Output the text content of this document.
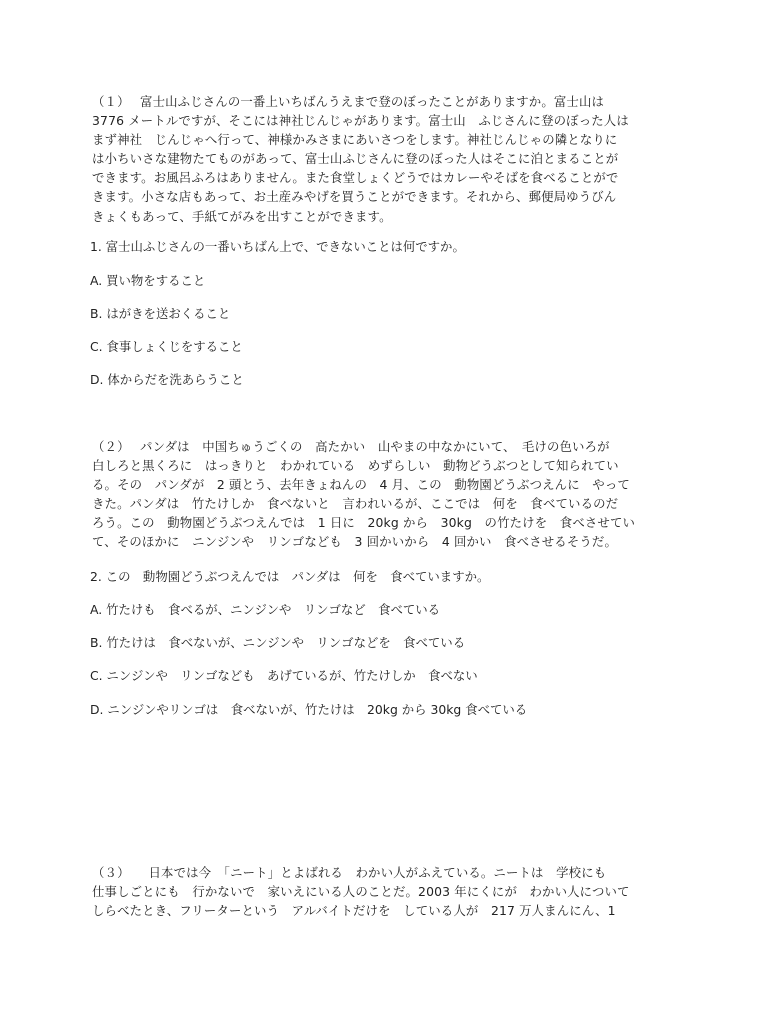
（１）　 富士山ふじさんの一番上いちばんうえまで登のぼったことがありますか。富士山は
3776 メートルですが、そこには神社じんじゃがあります。富士山　ふじさんに登のぼった人は
まず神社　じんじゃへ行って、神様かみさまにあいさつをします。神社じんじゃの隣となりに
は小ちいさな建物たてものがあって、富士山ふじさんに登のぼった人はそこに泊とまることが
できます。お風呂ふろはありません。また食堂しょくどうではカレーやそばを食べることがで
きます。小さな店もあって、お土産みやげを買うことができます。それから、郵便局ゆうびん
きょくもあって、手紙てがみを出すことができます。

1. 富士山ふじさんの一番いちばん上で、できないことは何ですか。

A. 買い物をすること

B. はがきを送おくること

C. 食事しょくじをすること

D. 体からだを洗あらうこと

（２）　 パンダは　中国ちゅうごくの　高たかい　山やまの中なかにいて、　毛けの色いろが
白しろと黒くろに　はっきりと　わかれている　めずらしい　動物どうぶつとして知られてい
る。その　パンダが　2 頭とう、去年きょねんの　4 月、この　動物園どうぶつえんに　やって
きた。パンダは　竹たけしか　食べないと　言われいるが、ここでは　何を　食べているのだ
ろう。この　動物園どうぶつえんでは　1 日に　20kg から　30kg　の竹たけを　食べさせてい
て、そのほかに　ニンジンや　リンゴなども　3 回かいから　4 回かい　食べさせるそうだ。

2. この　動物園どうぶつえんでは　パンダは　何を　食べていますか。

A. 竹たけも　食べるが、ニンジンや　リンゴなど　食べている

B. 竹たけは　食べないが、ニンジンや　リンゴなどを　食べている

C. ニンジンや　リンゴなども　あげているが、竹たけしか　食べない

D. ニンジンやリンゴは　食べないが、竹たけは　20kg から 30kg 食べている

（３）　　日本では今　「ニート」とよばれる　わかい人がふえている。ニートは　学校にも
仕事しごとにも　行かないで　家いえにいる人のことだ。2003 年にくにが　わかい人について
しらべたとき、フリーターという　アルバイトだけを　している人が　217 万人まんにん、1
